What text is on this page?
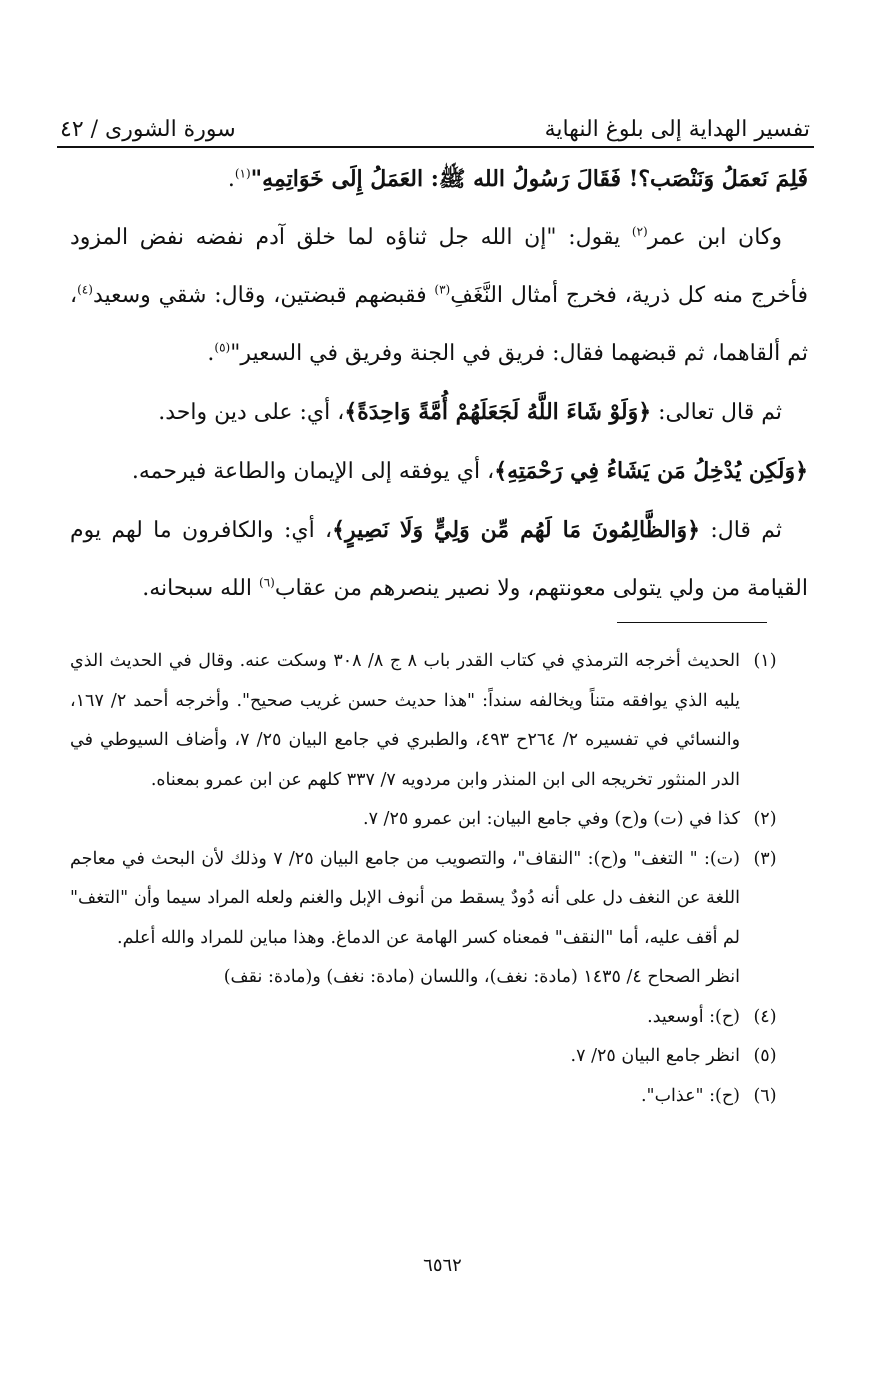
تفسير الهداية إلى بلوغ النهاية
سورة الشورى / ٤٢

فَلِمَ نَعمَلُ وَنَنْصَب؟! فَقَالَ رَسُولُ الله ﷺ: العَمَلُ إِلَى خَوَاتِمِهِ"$^{(١)}$.

وكان ابن عمر$^{(٢)}$ يقول: "إن الله جل ثناؤه لما خلق آدم نفضه نفض المزود فأخرج منه كل ذرية، فخرج أمثال النَّغَفِ$^{(٣)}$ فقبضهم قبضتين، وقال: شقي وسعيد$^{(٤)}$، ثم ألقاهما، ثم قبضهما فقال: فريق في الجنة وفريق في السعير"$^{(٥)}$.

ثم قال تعالى: ﴿وَلَوْ شَاءَ اللَّهُ لَجَعَلَهُمْ أُمَّةً وَاحِدَةً﴾، أي: على دين واحد.

﴿وَلَكِن يُدْخِلُ مَن يَشَاءُ فِي رَحْمَتِهِ﴾، أي يوفقه إلى الإيمان والطاعة فيرحمه.

ثم قال: ﴿وَالظَّالِمُونَ مَا لَهُم مِّن وَلِيٍّ وَلَا نَصِيرٍ﴾، أي: والكافرون ما لهم يوم القيامة من ولي يتولى معونتهم، ولا نصير ينصرهم من عقاب$^{(٦)}$ الله سبحانه.

(١)

الحديث أخرجه الترمذي في كتاب القدر باب ٨ ج ٨/ ٣٠٨ وسكت عنه. وقال في الحديث الذي يليه الذي يوافقه متناً ويخالفه سنداً: "هذا حديث حسن غريب صحيح". وأخرجه أحمد ٢/ ١٦٧، والنسائي في تفسيره ٢/ ٢٦٤ح ٤٩٣، والطبري في جامع البيان ٢٥/ ٧، وأضاف السيوطي في الدر المنثور تخريجه الى ابن المنذر وابن مردويه ٧/ ٣٣٧ كلهم عن ابن عمرو بمعناه.

(٢)

كذا في (ت) و(ح) وفي جامع البيان: ابن عمرو ٢٥/ ٧.

(٣)

(ت): " التغف" و(ح): "النقاف"، والتصويب من جامع البيان ٢٥/ ٧ وذلك لأن البحث في معاجم اللغة عن النغف دل على أنه دُودٌ يسقط من أنوف الإبل والغنم ولعله المراد سيما وأن "التغف" لم أقف عليه، أما "النقف" فمعناه كسر الهامة عن الدماغ. وهذا مباين للمراد والله أعلم.

انظر الصحاح ٤/ ١٤٣٥ (مادة: نغف)، واللسان (مادة: نغف) و(مادة: نقف)

(٤)

(ح): أوسعيد.

(٥)

انظر جامع البيان ٢٥/ ٧.

(٦)

(ح): "عذاب".

٦٥٦٢
